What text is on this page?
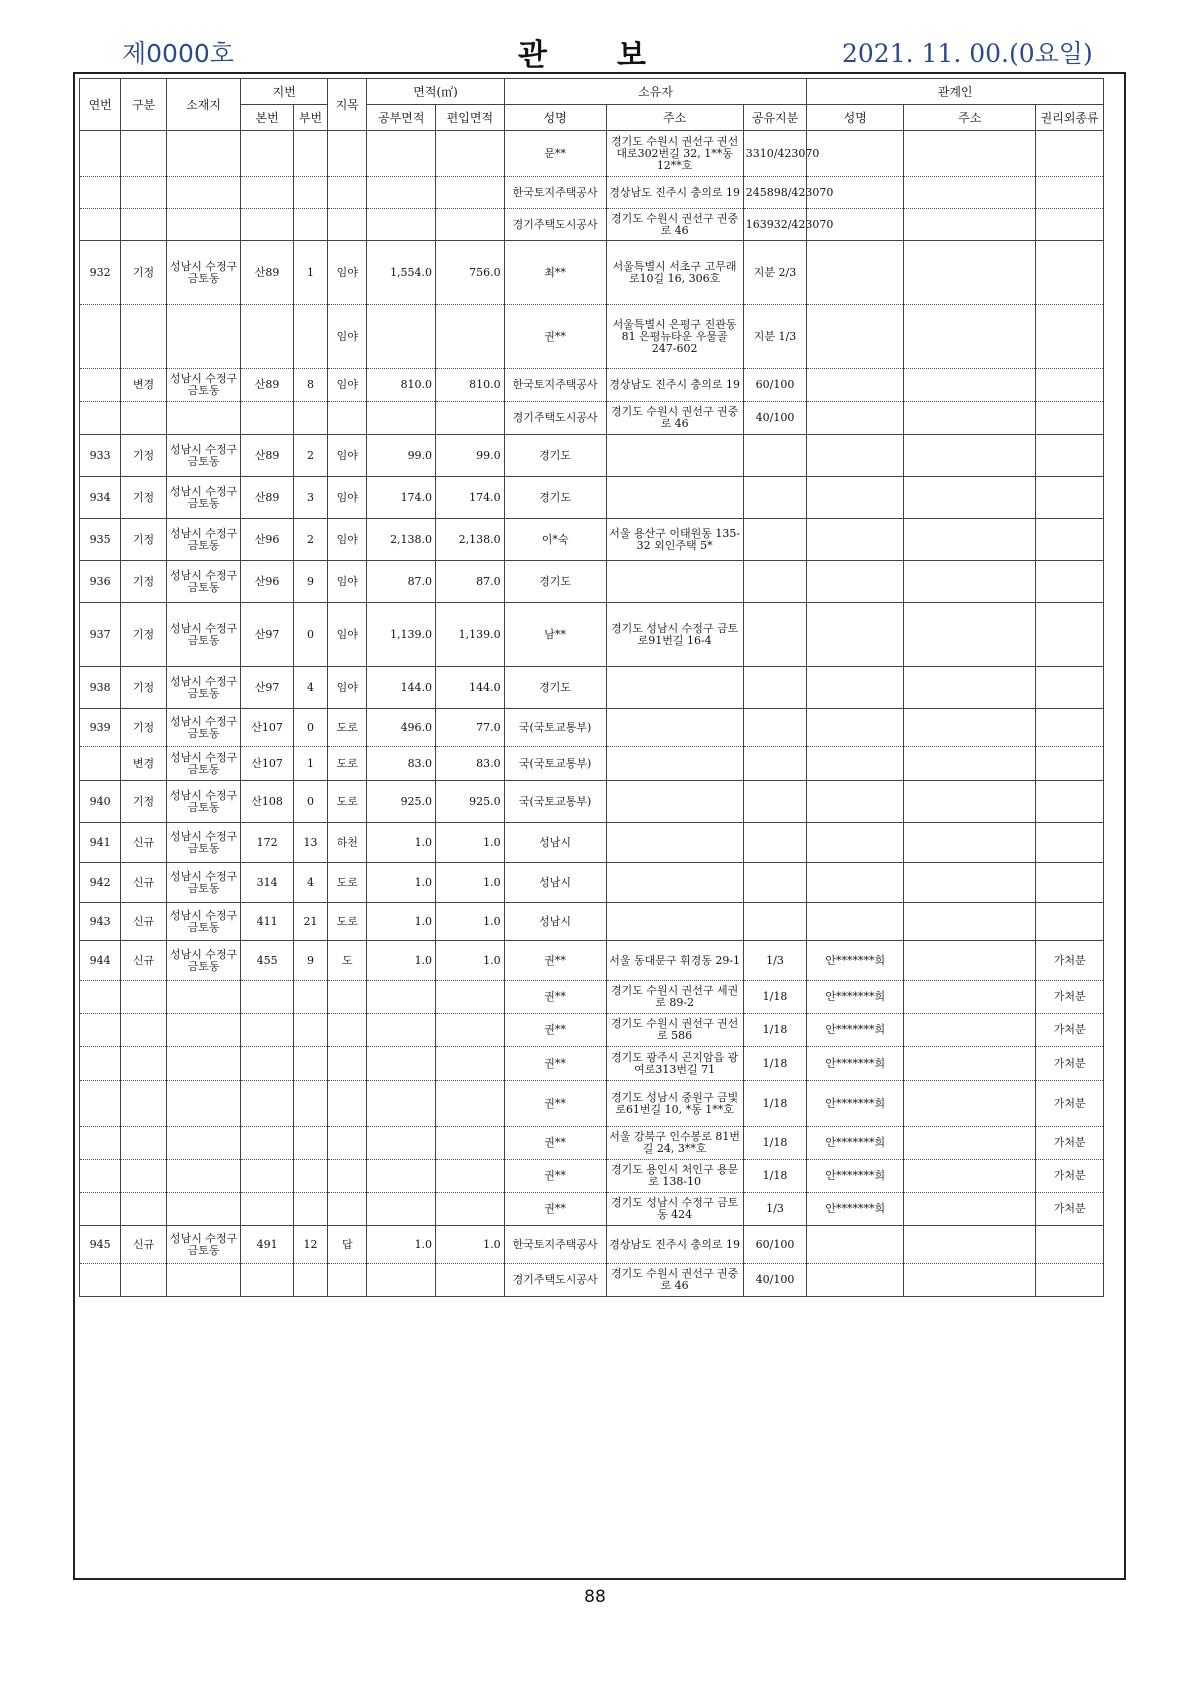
제0000호	관보	2021. 11. 00.(0요일)
연번	구분	소재지	지번		지목	면적(㎡)		소유자			관계인		
			본번	부번		공부면적	편입면적	성명	주소	공유지분	성명	주소	권리외종류
								문**	경기도 수원시 권선구 권선대로302번길 32, 1**동 12**호	3310/423070			
								한국토지주택공사	경상남도 진주시 충의로 19	245898/423070			
								경기주택도시공사	경기도 수원시 권선구 권중로 46	163932/423070			
932	기정	성남시 수정구 금토동	산89	1	임야	1,554.0	756.0	최**	서울특별시 서초구 고무래로10길 16, 306호	지분 2/3			
					임야			권**	서울특별시 은평구 진관동 81 은평뉴타운 우물골 247-602	지분 1/3			
	변경	성남시 수정구 금토동	산89	8	임야	810.0	810.0	한국토지주택공사	경상남도 진주시 충의로 19	60/100			
								경기주택도시공사	경기도 수원시 권선구 권중로 46	40/100			
933	기정	성남시 수정구 금토동	산89	2	임야	99.0	99.0	경기도					
934	기정	성남시 수정구 금토동	산89	3	임야	174.0	174.0	경기도					
935	기정	성남시 수정구 금토동	산96	2	임야	2,138.0	2,138.0	이*숙	서울 용산구 이태원동 135-32 외인주택 5*				
936	기정	성남시 수정구 금토동	산96	9	임야	87.0	87.0	경기도					
937	기정	성남시 수정구 금토동	산97	0	임야	1,139.0	1,139.0	남**	경기도 성남시 수정구 금토로91번길 16-4				
938	기정	성남시 수정구 금토동	산97	4	임야	144.0	144.0	경기도					
939	기정	성남시 수정구 금토동	산107	0	도로	496.0	77.0	국(국토교통부)					
	변경	성남시 수정구 금토동	산107	1	도로	83.0	83.0	국(국토교통부)					
940	기정	성남시 수정구 금토동	산108	0	도로	925.0	925.0	국(국토교통부)					
941	신규	성남시 수정구 금토동	172	13	하천	1.0	1.0	성남시					
942	신규	성남시 수정구 금토동	314	4	도로	1.0	1.0	성남시					
943	신규	성남시 수정구 금토동	411	21	도로	1.0	1.0	성남시					
944	신규	성남시 수정구 금토동	455	9	도	1.0	1.0	권**	서울 동대문구 휘경동 29-1	1/3	안*******희		가처분
								권**	경기도 수원시 권선구 세권로 89-2	1/18	안*******희		가처분
								권**	경기도 수원시 권선구 권선로 586	1/18	안*******희		가처분
								권**	경기도 광주시 곤지암읍 광여로313번길 71	1/18	안*******희		가처분
								권**	경기도 성남시 중원구 금빛로61번길 10, *동 1**호	1/18	안*******희		가처분
								권**	서울 강북구 인수봉로 81번길 24, 3**호	1/18	안*******희		가처분
								권**	경기도 용인시 처인구 용문로 138-10	1/18	안*******희		가처분
								권**	경기도 성남시 수정구 금토동 424	1/3	안*******희		가처분
945	신규	성남시 수정구 금토동	491	12	답	1.0	1.0	한국토지주택공사	경상남도 진주시 충의로 19	60/100			
								경기주택도시공사	경기도 수원시 권선구 권중로 46	40/100			
88
